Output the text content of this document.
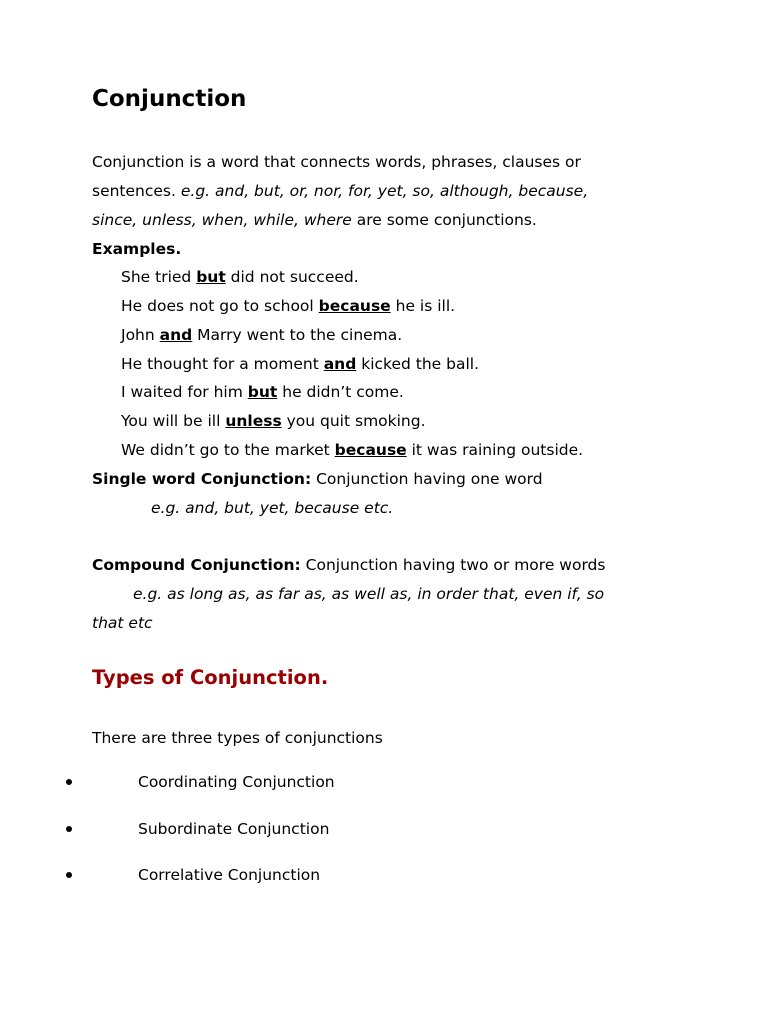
Conjunction
Conjunction is a word that connects words, phrases, clauses or
sentences. e.g. and, but, or, nor, for, yet, so, although, because,
since, unless, when, while, where are some conjunctions.
Examples.
She tried but did not succeed.
He does not go to school because he is ill.
John and Marry went to the cinema.
He thought for a moment and kicked the ball.
I waited for him but he didn’t come.
You will be ill unless you quit smoking.
We didn’t go to the market because it was raining outside.
Single word Conjunction: Conjunction having one word
e.g. and, but, yet, because etc.
Compound Conjunction: Conjunction having two or more words
e.g. as long as, as far as, as well as, in order that, even if, so
that etc
Types of Conjunction.
There are three types of conjunctions
Coordinating Conjunction
Subordinate Conjunction
Correlative Conjunction
